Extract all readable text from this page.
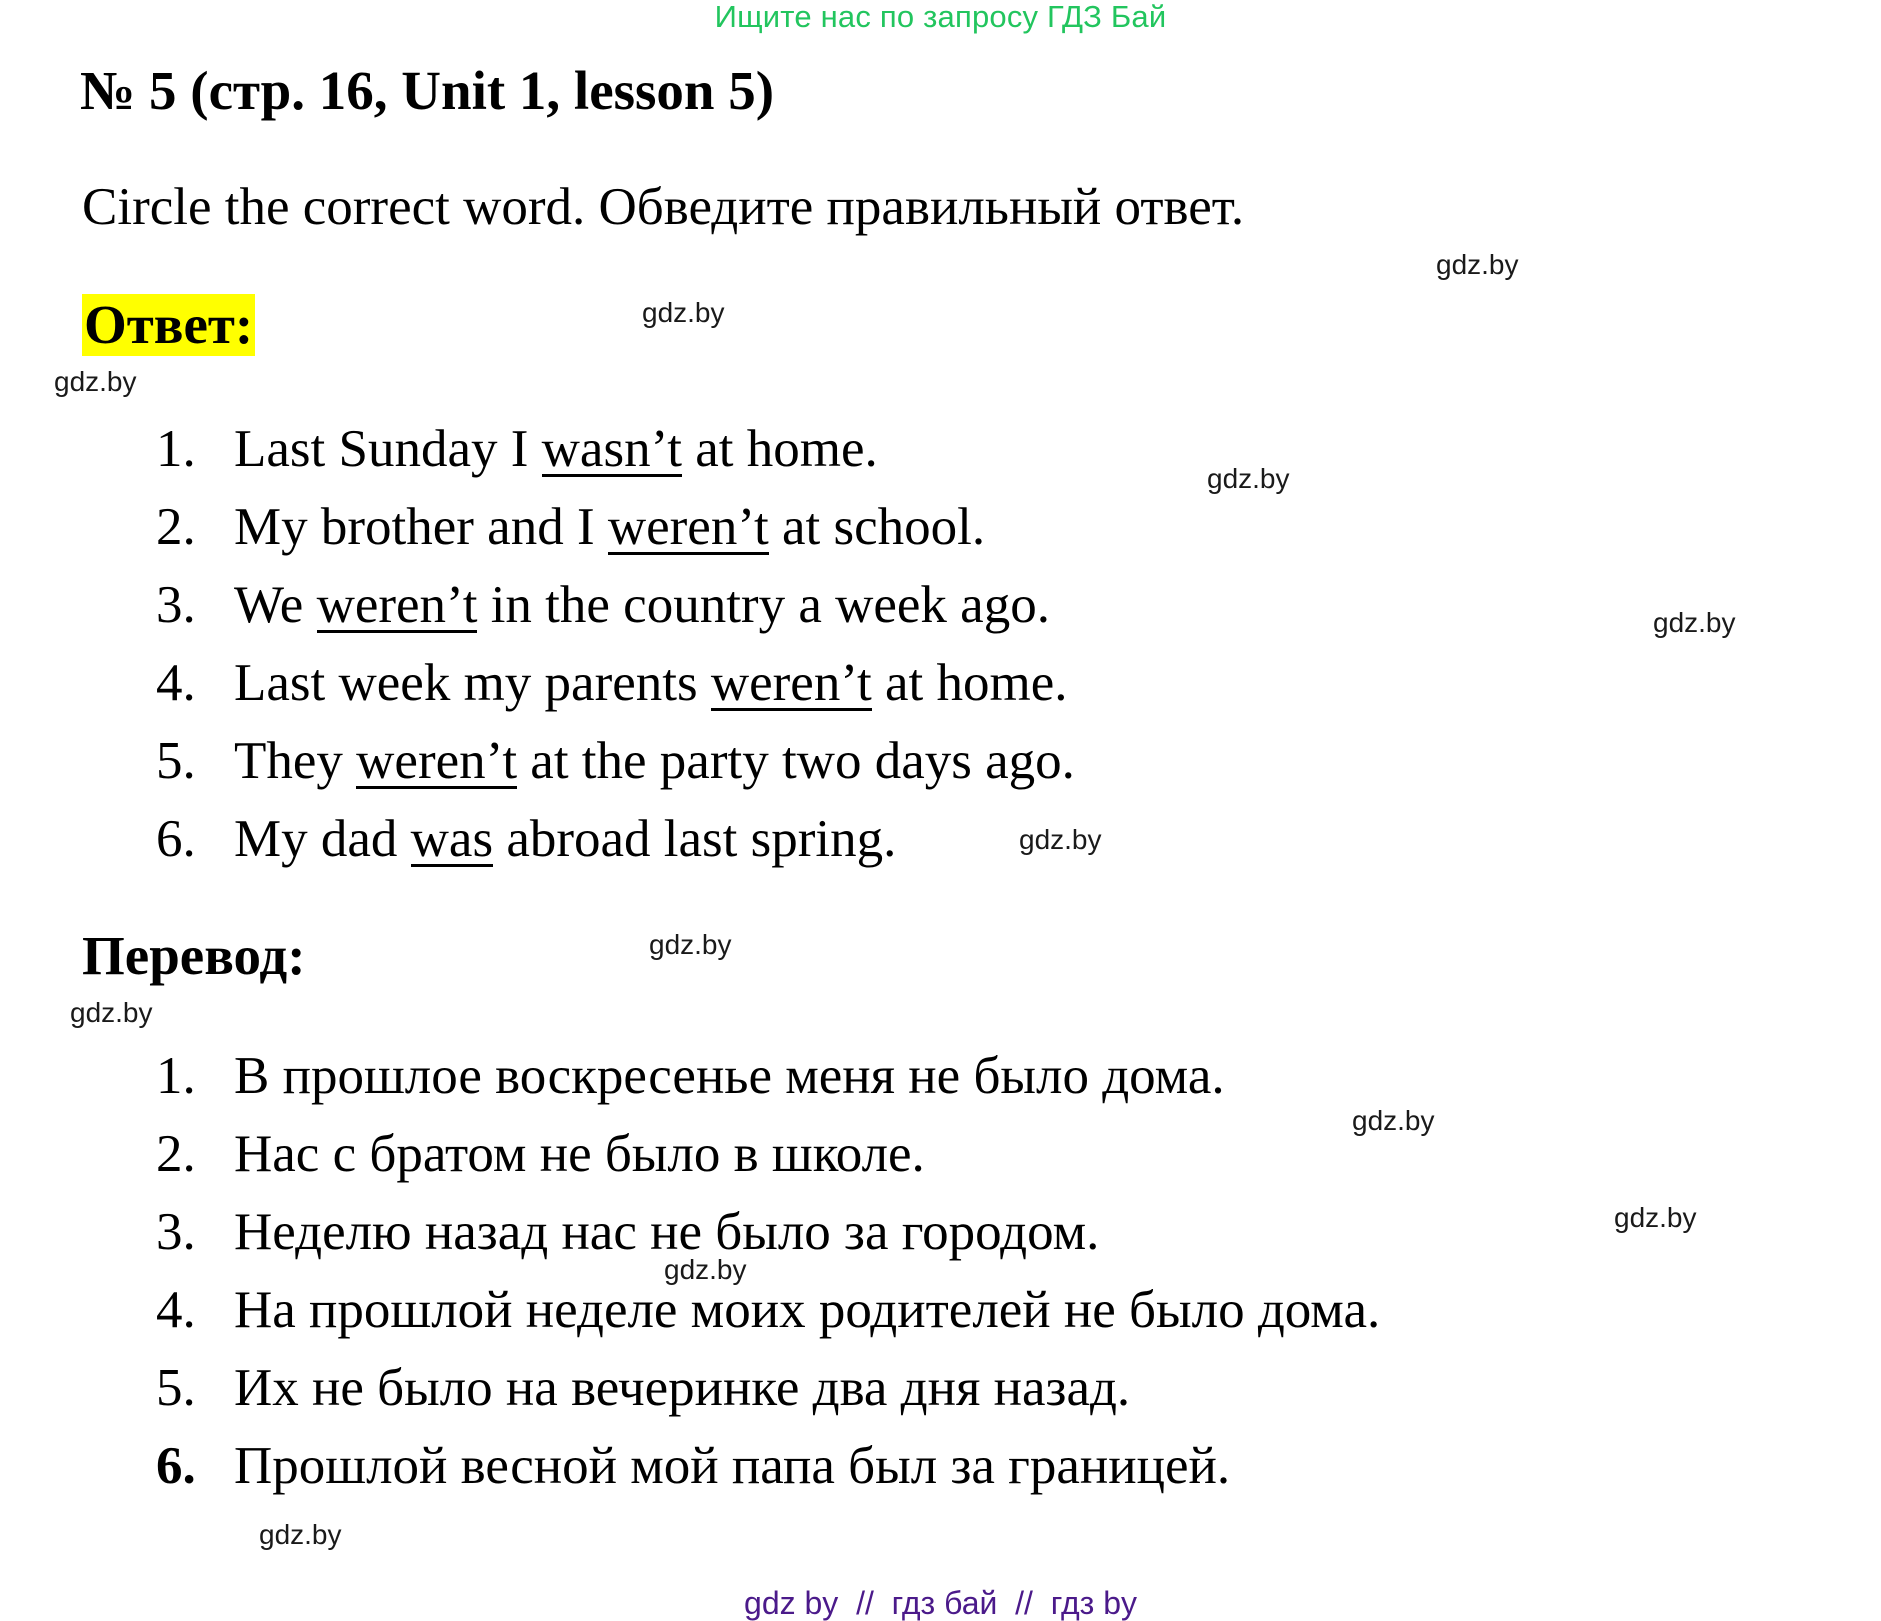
Ищите нас по запросу ГДЗ Бай
№ 5 (стр. 16, Unit 1, lesson 5)
Circle the correct word. Обведите правильный ответ.
Ответ:
1. Last Sunday I wasn’t at home.
2. My brother and I weren’t at school.
3. We weren’t in the country a week ago.
4. Last week my parents weren’t at home.
5. They weren’t at the party two days ago.
6. My dad was abroad last spring.
Перевод:
1. В прошлое воскресенье меня не было дома.
2. Нас с братом не было в школе.
3. Неделю назад нас не было за городом.
4. На прошлой неделе моих родителей не было дома.
5. Их не было на вечеринке два дня назад.
6. Прошлой весной мой папа был за границей.
gdz.by
gdz.by
gdz.by
gdz.by
gdz.by
gdz.by
gdz.by
gdz.by
gdz.by
gdz.by
gdz.by
gdz.by
gdz by  //  гдз бай  //  гдз by
